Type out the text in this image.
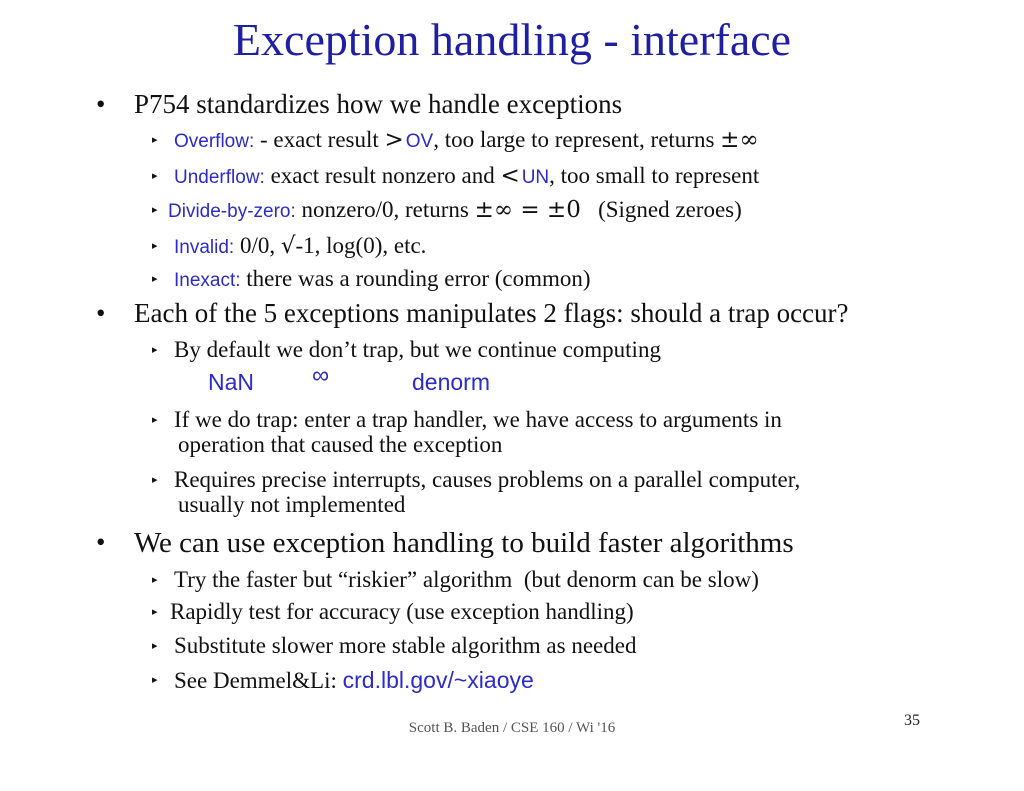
Exception handling - interface
• P754 standardizes how we handle exceptions
▸ Overflow: - exact result >  OV, too large to represent, returns ±∞
▸ Underflow: exact result nonzero and <  UN, too small to represent
▸ Divide-by-zero: nonzero/0, returns ±∞ = ±0   (Signed zeroes)
▸ Invalid: 0/0, √-1, log(0), etc.
▸ Inexact: there was a rounding error (common)
• Each of the 5 exceptions manipulates 2 flags: should a trap occur?
▸ By default we don’t trap, but we continue computing
NaN ∞	denorm
▸ If we do trap: enter a trap handler, we have access to arguments in
operation that caused the exception
▸ Requires precise interrupts, causes problems on a parallel computer,
usually not implemented
• We can use exception handling to build faster algorithms
▸ Try the faster but “riskier” algorithm  (but denorm can be slow)
▸ Rapidly test for accuracy (use exception handling)
▸ Substitute slower more stable algorithm as needed
▸ See Demmel&Li: crd.lbl.gov/~xiaoye
Scott B. Baden / CSE 160 / Wi '16	35
